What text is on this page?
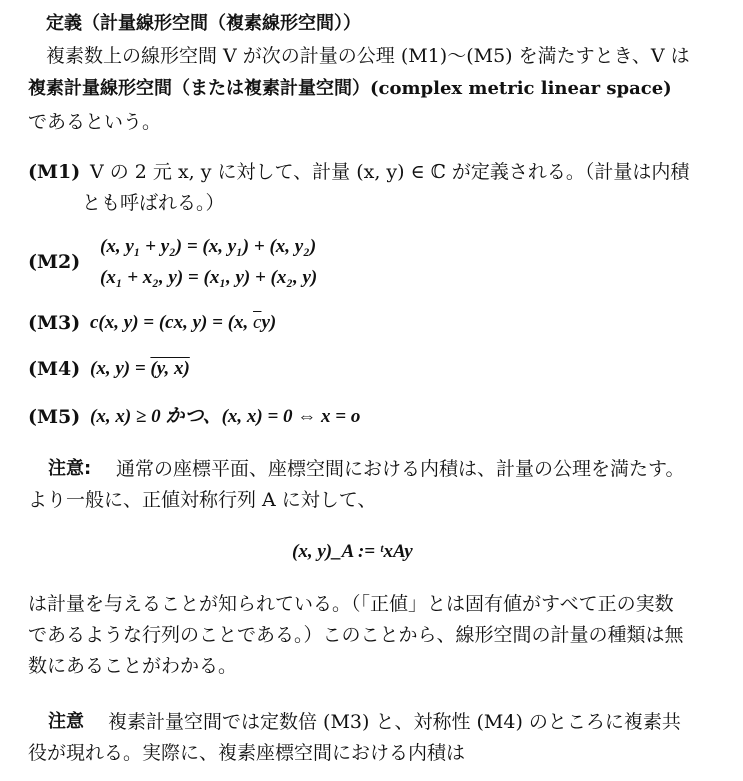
定義（計量線形空間（複素線形空間））
複素数上の線形空間 V が次の計量の公理 (M1)〜(M5) を満たすとき、V は
複素計量線形空間（または複素計量空間）(complex metric linear space)
であるという。
(M1) V の 2 元 x, y に対して、計量 (x, y) ∈ ℂ が定義される。（計量は内積
とも呼ばれる。）
(M2)
(x, y₁ + y₂) = (x, y₁) + (x, y₂)
(x₁ + x₂, y) = (x₁, y) + (x₂, y)
(M3) c(x, y) = (cx, y) = (x, $\overline{c}y$)
(M4) (x, y) = (y, x)
(M5) (x, x) ≥ 0 かつ、(x, x) = 0 ⇔ x = o
注意: 通常の座標平面、座標空間における内積は、計量の公理を満たす。
より一般に、正値対称行列 A に対して、
(x, y)_A := ᵗxAy
は計量を与えることが知られている。（「正値」とは固有値がすべて正の実数
であるような行列のことである。）このことから、線形空間の計量の種類は無
数にあることがわかる。
注意 複素計量空間では定数倍 (M3) と、対称性 (M4) のところに複素共
役が現れる。実際に、複素座標空間における内積は
